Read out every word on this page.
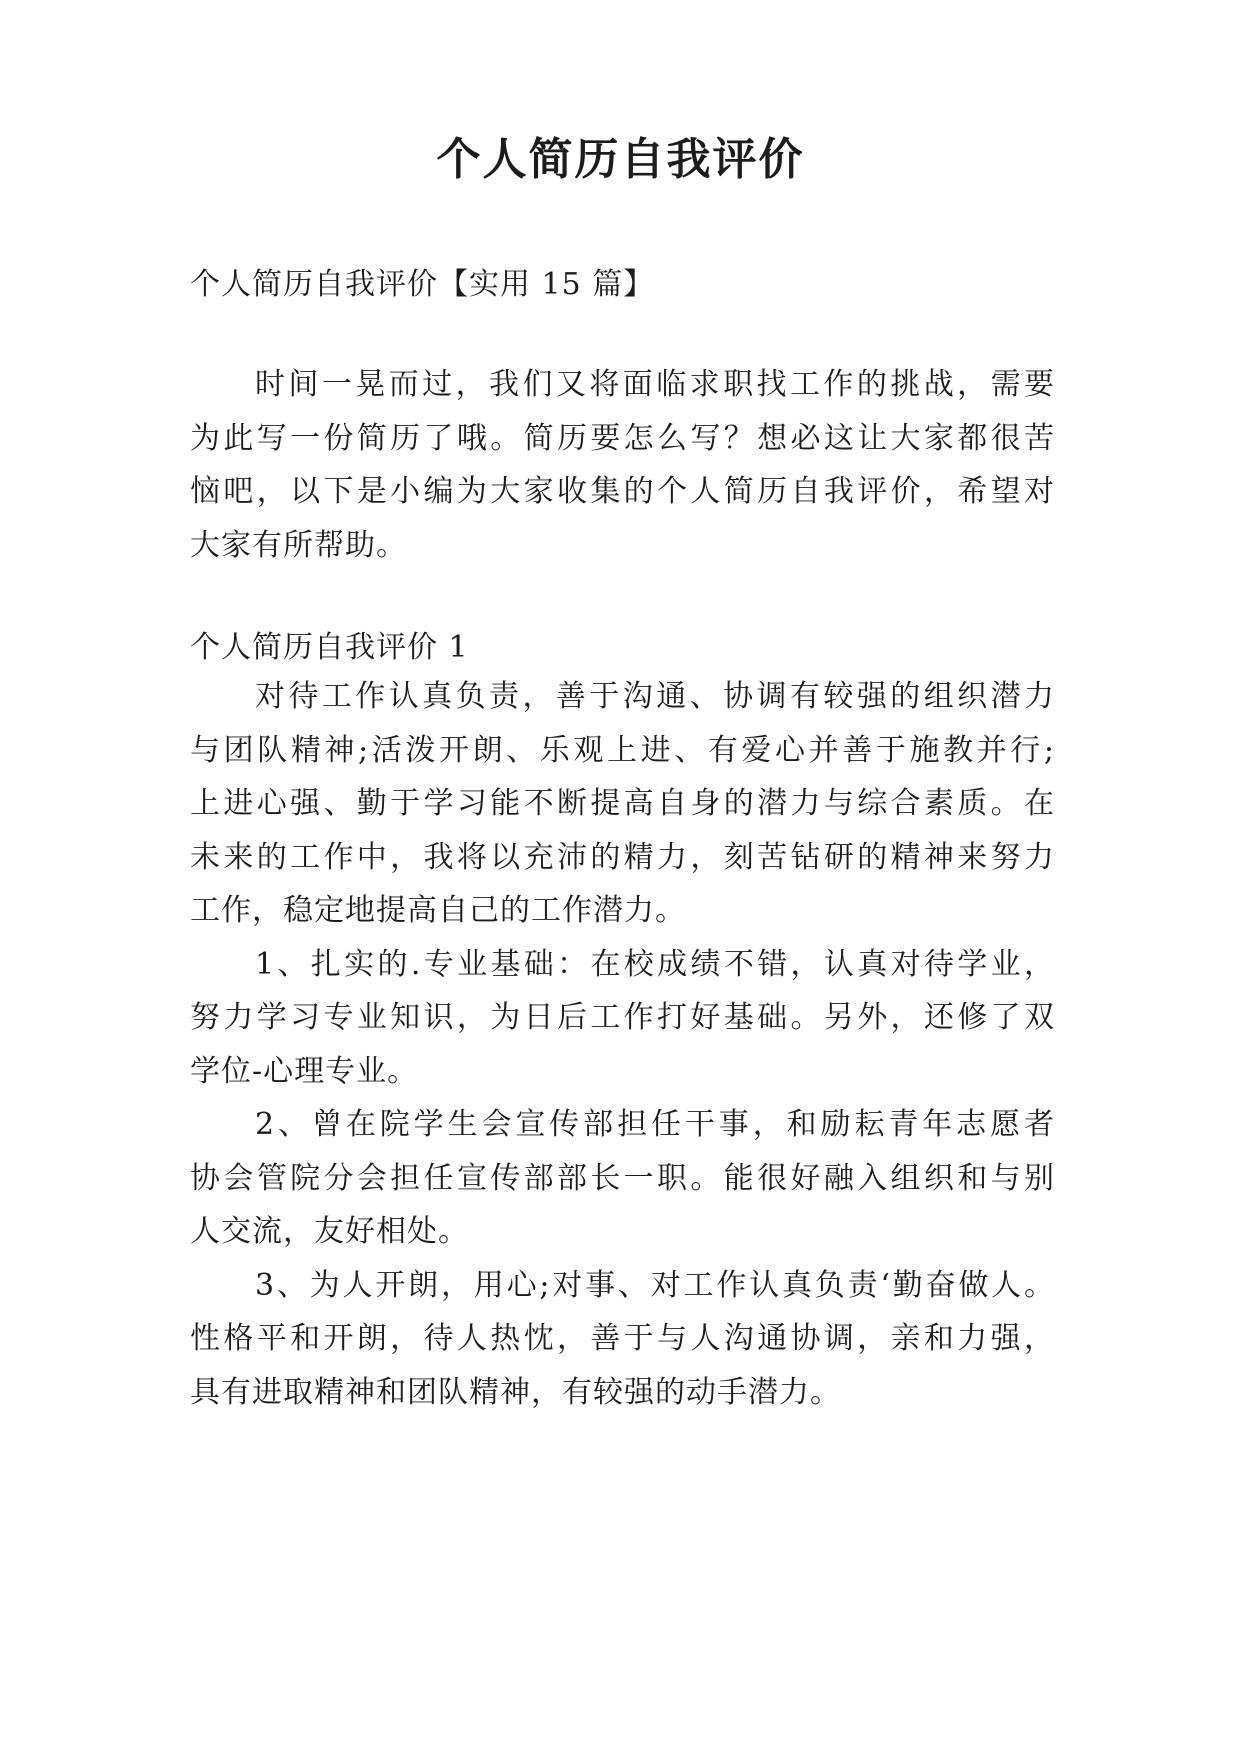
个人简历自我评价
个人简历自我评价【实用 15 篇】
时间一晃而过，我们又将面临求职找工作的挑战，需要
为此写一份简历了哦。简历要怎么写？想必这让大家都很苦
恼吧，以下是小编为大家收集的个人简历自我评价，希望对
大家有所帮助。
个人简历自我评价 1
对待工作认真负责，善于沟通、协调有较强的组织潜力
与团队精神;活泼开朗、乐观上进、有爱心并善于施教并行;
上进心强、勤于学习能不断提高自身的潜力与综合素质。在
未来的工作中，我将以充沛的精力，刻苦钻研的精神来努力
工作，稳定地提高自己的工作潜力。
1、扎实的.专业基础：在校成绩不错，认真对待学业，
努力学习专业知识，为日后工作打好基础。另外，还修了双
学位-心理专业。
2、曾在院学生会宣传部担任干事，和励耘青年志愿者
协会管院分会担任宣传部部长一职。能很好融入组织和与别
人交流，友好相处。
3、为人开朗，用心;对事、对工作认真负责‘勤奋做人。
性格平和开朗，待人热忱，善于与人沟通协调，亲和力强，
具有进取精神和团队精神，有较强的动手潜力。
